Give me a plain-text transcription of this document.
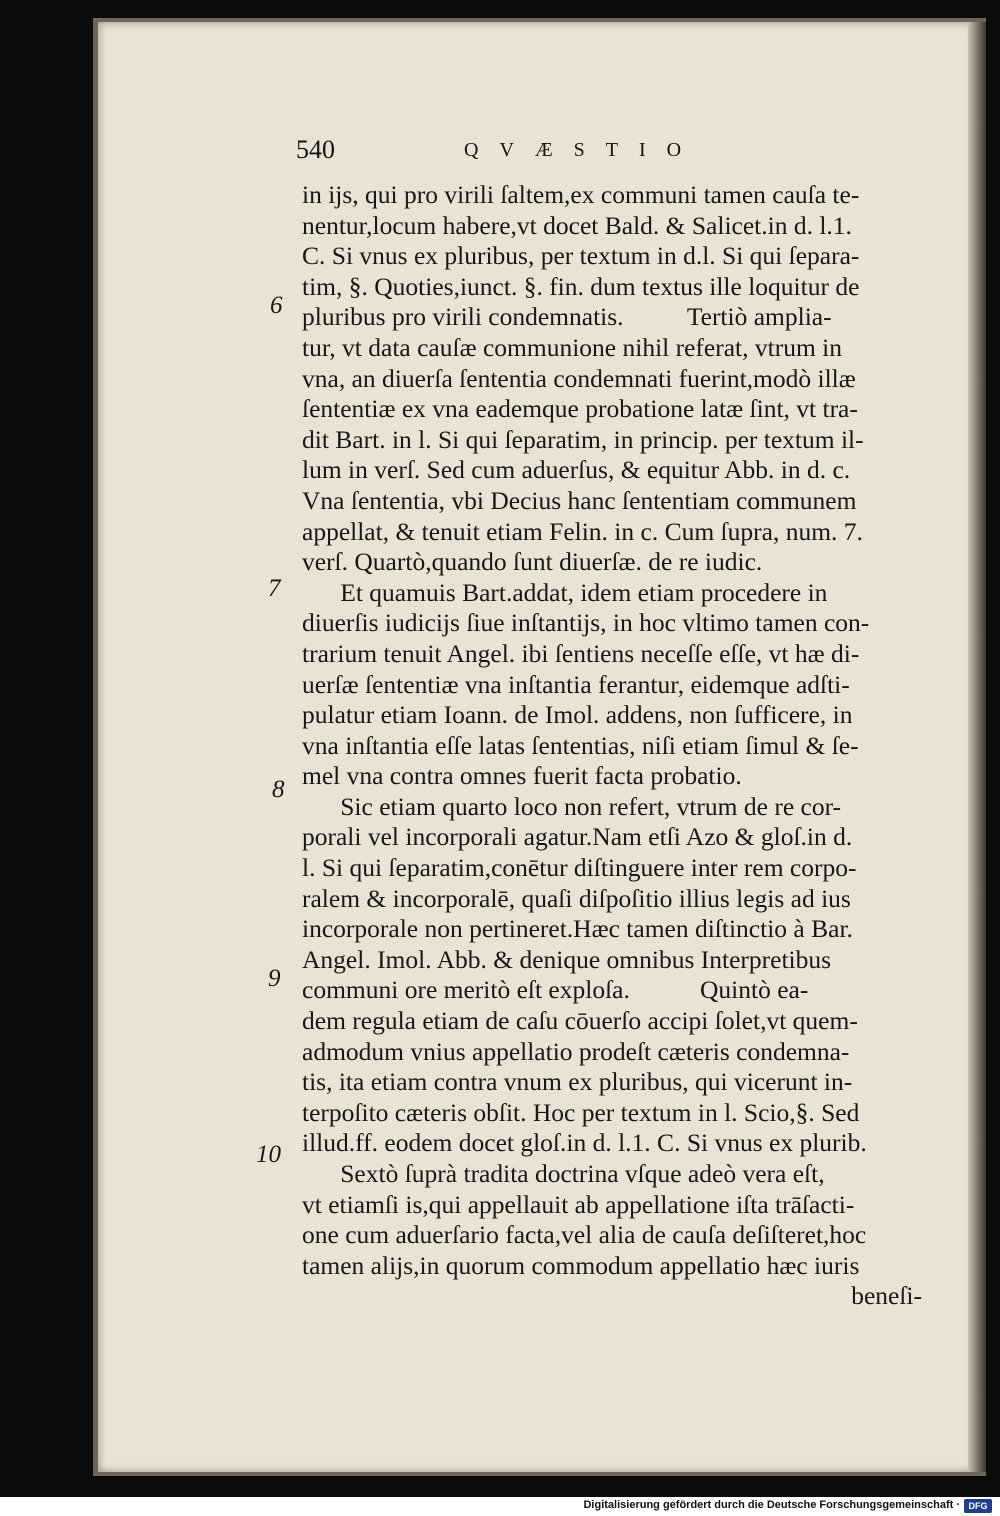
540	QVÆSTIO
6
7
8
9
10
in ijs, qui pro virili ſaltem,ex communi tamen cauſa te-
nentur,locum habere,vt docet Bald. & Salicet.in d. l.1.
C. Si vnus ex pluribus, per textum in d.l. Si qui ſepara-
tim, §. Quoties,iunct. §. fin. dum textus ille loquitur de
pluribus pro virili condemnatis.          Tertiò amplia-
tur, vt data cauſæ communione nihil referat, vtrum in
vna, an diuerſa ſententia condemnati fuerint,modò illæ
ſententiæ ex vna eademque probatione latæ ſint, vt tra-
dit Bart. in l. Si qui ſeparatim, in princip. per textum il-
lum in verſ. Sed cum aduerſus, & equitur Abb. in d. c.
Vna ſententia, vbi Decius hanc ſententiam communem
appellat, & tenuit etiam Felin. in c. Cum ſupra, num. 7.
verſ. Quartò,quando ſunt diuerſæ. de re iudic.
Et quamuis Bart.addat, idem etiam procedere in
diuerſis iudicijs ſiue inſtantijs, in hoc vltimo tamen con-
trarium tenuit Angel. ibi ſentiens neceſſe eſſe, vt hæ di-
uerſæ ſententiæ vna inſtantia ferantur, eidemque adſti-
pulatur etiam Ioann. de Imol. addens, non ſufficere, in
vna inſtantia eſſe latas ſententias, niſi etiam ſimul & ſe-
mel vna contra omnes fuerit facta probatio.
Sic etiam quarto loco non refert, vtrum de re cor-
porali vel incorporali agatur.Nam etſi Azo & gloſ.in d.
l. Si qui ſeparatim,conētur diſtinguere inter rem corpo-
ralem & incorporalē, quaſi diſpoſitio illius legis ad ius
incorporale non pertineret.Hæc tamen diſtinctio à Bar.
Angel. Imol. Abb. & denique omnibus Interpretibus
communi ore meritò eſt exploſa.           Quintò ea-
dem regula etiam de caſu cōuerſo accipi ſolet,vt quem-
admodum vnius appellatio prodeſt cæteris condemna-
tis, ita etiam contra vnum ex pluribus, qui vicerunt in-
terpoſito cæteris obſit. Hoc per textum in l. Scio,§. Sed
illud.ff. eodem docet gloſ.in d. l.1. C. Si vnus ex plurib.
Sextò ſuprà tradita doctrina vſque adeò vera eſt,
vt etiamſi is,qui appellauit ab appellatione iſta trāſacti-
one cum aduerſario facta,vel alia de cauſa deſiſteret,hoc
tamen alijs,in quorum commodum appellatio hæc iuris
beneſi-
Digitalisierung gefördert durch die Deutsche Forschungsgemeinschaft · DFG
